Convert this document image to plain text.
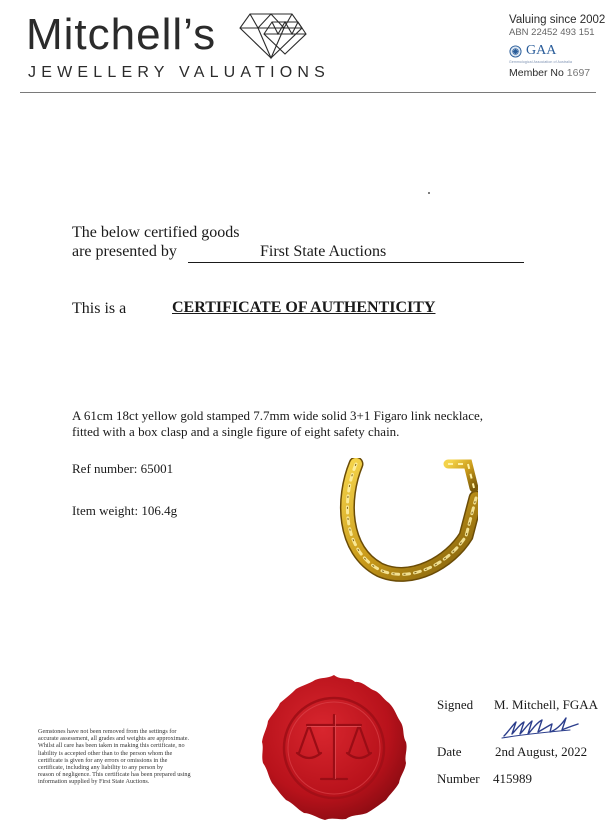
Mitchell’s
JEWELLERY VALUATIONS
Valuing since 2002
ABN 22452 493 151
GAA
Gemmological Association of Australia
Member No 1697
The below certified goods
are presented by	First State Auctions
This is a	CERTIFICATE OF AUTHENTICITY
A 61cm 18ct yellow gold stamped 7.7mm wide solid 3+1 Figaro link necklace,
fitted with a box clasp and a single figure of eight safety chain.
Ref number: 65001
Item weight: 106.4g
Gemstones have not been removed from the settings for
accurate assessment, all grades and weights are approximate.
Whilst all care has been taken in making this certificate, no
liability is accepted other than to the person whom the
certificate is given for any errors or omissions in the
certificate, including any liability to any person by
reason of negligence. This certificate has been prepared using
information supplied by First State Auctions.
Signed M. Mitchell, FGAA
Date	2nd August, 2022
Number 415989
